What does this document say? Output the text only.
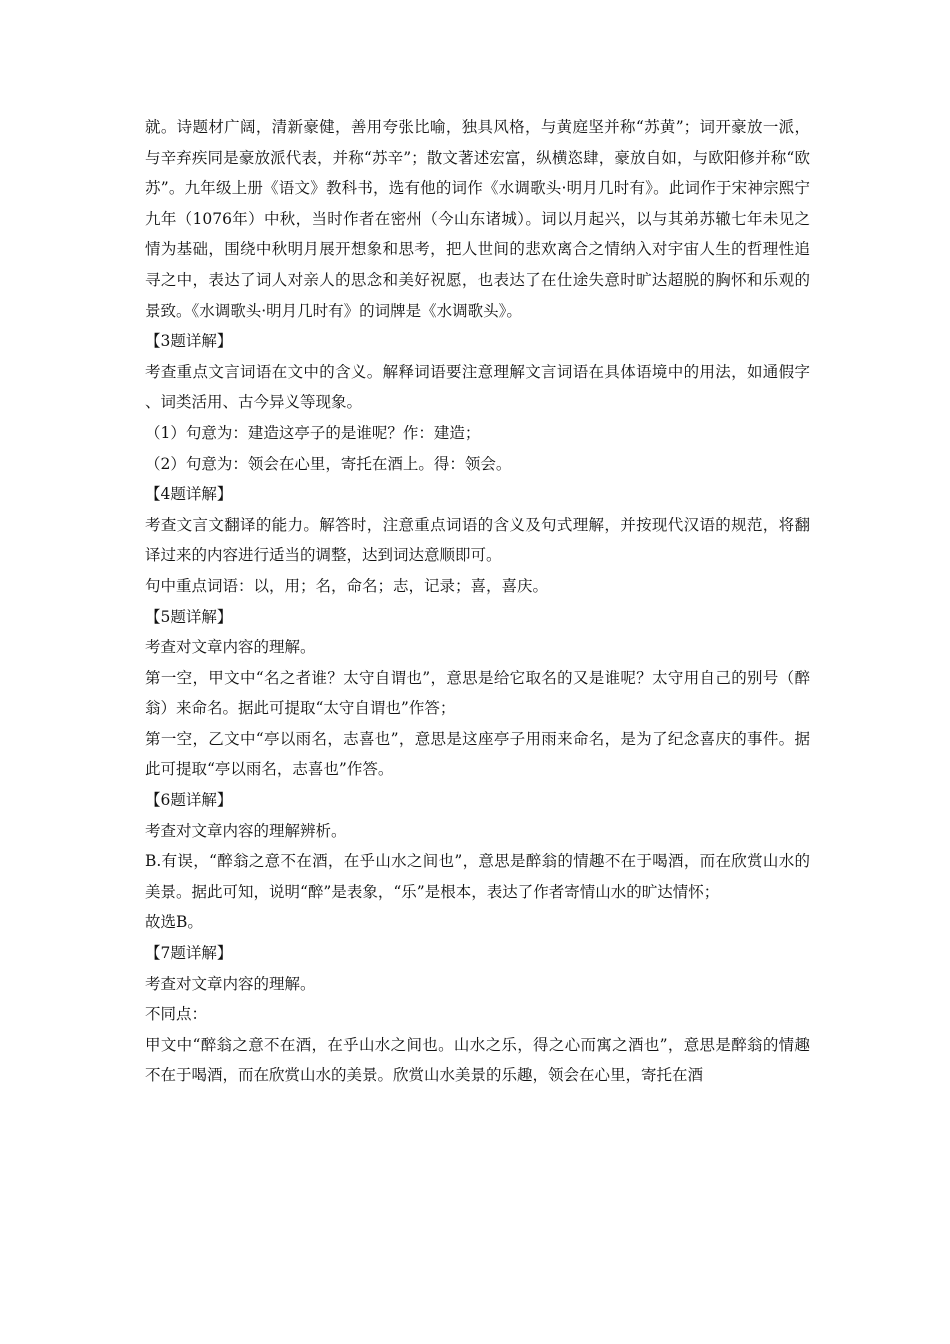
就。诗题材广阔，清新豪健，善用夸张比喻，独具风格，与黄庭坚并称“苏黄”；词开豪放一派，与辛弃疾同是豪放派代表，并称“苏辛”；散文著述宏富，纵横恣肆，豪放自如，与欧阳修并称“欧苏”。九年级上册《语文》教科书，选有他的词作《水调歌头·明月几时有》。此词作于宋神宗熙宁九年（1076年）中秋，当时作者在密州（今山东诸城）。词以月起兴，以与其弟苏辙七年未见之情为基础，围绕中秋明月展开想象和思考，把人世间的悲欢离合之情纳入对宇宙人生的哲理性追寻之中，表达了词人对亲人的思念和美好祝愿，也表达了在仕途失意时旷达超脱的胸怀和乐观的景致。《水调歌头·明月几时有》的词牌是《水调歌头》。

【3题详解】

考查重点文言词语在文中的含义。解释词语要注意理解文言词语在具体语境中的用法，如通假字、词类活用、古今异义等现象。

（1）句意为：建造这亭子的是谁呢？作：建造；

（2）句意为：领会在心里，寄托在酒上。得：领会。

【4题详解】

考查文言文翻译的能力。解答时，注意重点词语的含义及句式理解，并按现代汉语的规范，将翻译过来的内容进行适当的调整，达到词达意顺即可。

句中重点词语：以，用；名，命名；志，记录；喜，喜庆。

【5题详解】

考查对文章内容的理解。

第一空，甲文中“名之者谁？太守自谓也”，意思是给它取名的又是谁呢？太守用自己的别号（醉翁）来命名。据此可提取“太守自谓也”作答；

第一空，乙文中“亭以雨名，志喜也”，意思是这座亭子用雨来命名，是为了纪念喜庆的事件。据此可提取“亭以雨名，志喜也”作答。

【6题详解】

考查对文章内容的理解辨析。

B.有误，“醉翁之意不在酒，在乎山水之间也”，意思是醉翁的情趣不在于喝酒，而在欣赏山水的美景。据此可知，说明“醉”是表象，“乐”是根本，表达了作者寄情山水的旷达情怀；

故选B。

【7题详解】

考查对文章内容的理解。

不同点：

甲文中“醉翁之意不在酒，在乎山水之间也。山水之乐，得之心而寓之酒也”，意思是醉翁的情趣不在于喝酒，而在欣赏山水的美景。欣赏山水美景的乐趣，领会在心里，寄托在酒
